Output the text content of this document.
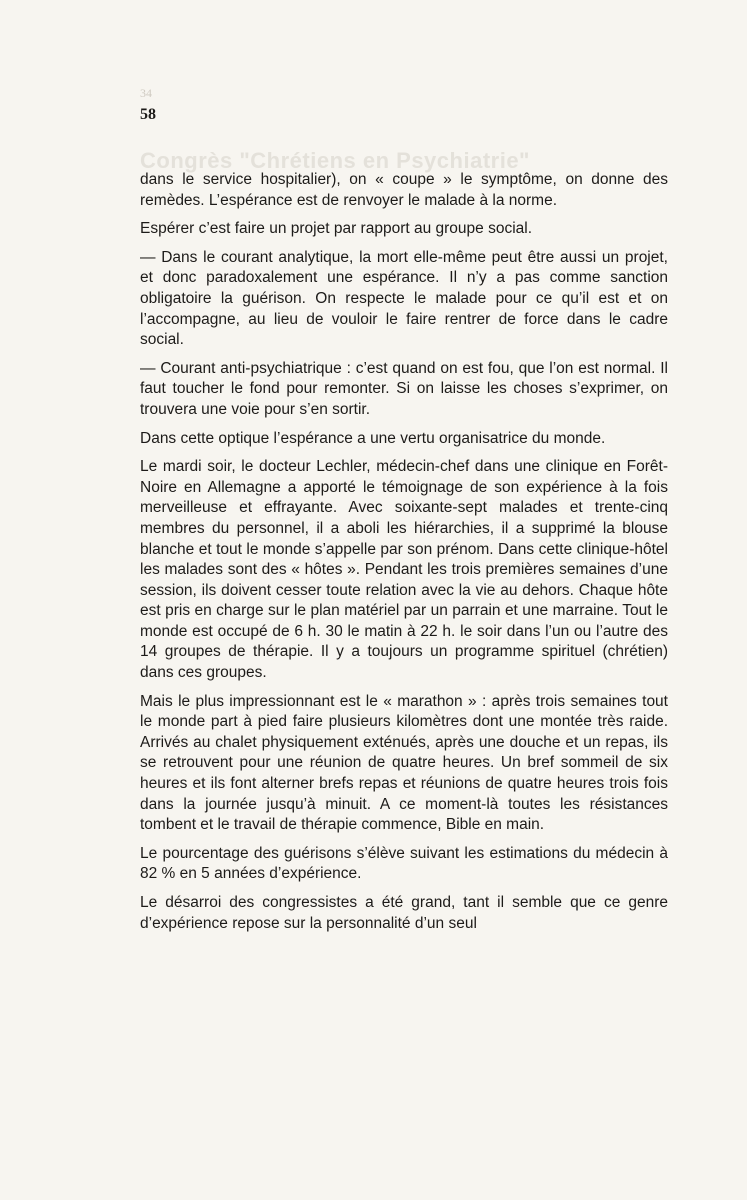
34
58
Congrès "Chrétiens en Psychiatrie"

dans le service hospitalier), on « coupe » le symptôme, on donne des remèdes. L’espérance est de renvoyer le malade à la norme.

Espérer c’est faire un projet par rapport au groupe social.

— Dans le courant analytique, la mort elle-même peut être aussi un projet, et donc paradoxalement une espérance. Il n’y a pas comme sanction obligatoire la guérison. On respecte le malade pour ce qu’il est et on l’accompagne, au lieu de vouloir le faire rentrer de force dans le cadre social.

— Courant anti-psychiatrique : c’est quand on est fou, que l’on est normal. Il faut toucher le fond pour remonter. Si on laisse les choses s’exprimer, on trouvera une voie pour s’en sortir.

Dans cette optique l’espérance a une vertu organisatrice du monde.

Le mardi soir, le docteur Lechler, médecin-chef dans une clinique en Forêt-Noire en Allemagne a apporté le témoignage de son expérience à la fois merveilleuse et effrayante. Avec soixante-sept malades et trente-cinq membres du personnel, il a aboli les hiérarchies, il a supprimé la blouse blanche et tout le monde s’appelle par son prénom. Dans cette clinique-hôtel les malades sont des « hôtes ». Pendant les trois premières semaines d’une session, ils doivent cesser toute relation avec la vie au dehors. Chaque hôte est pris en charge sur le plan matériel par un parrain et une marraine. Tout le monde est occupé de 6 h. 30 le matin à 22 h. le soir dans l’un ou l’autre des 14 groupes de thérapie. Il y a toujours un programme spirituel (chrétien) dans ces groupes.

Mais le plus impressionnant est le « marathon » : après trois semaines tout le monde part à pied faire plusieurs kilomètres dont une montée très raide. Arrivés au chalet physiquement exténués, après une douche et un repas, ils se retrouvent pour une réunion de quatre heures. Un bref sommeil de six heures et ils font alterner brefs repas et réunions de quatre heures trois fois dans la journée jusqu’à minuit. A ce moment-là toutes les résistances tombent et le travail de thérapie commence, Bible en main.

Le pourcentage des guérisons s’élève suivant les estimations du médecin à 82 % en 5 années d’expérience.

Le désarroi des congressistes a été grand, tant il semble que ce genre d’expérience repose sur la personnalité d’un seul
